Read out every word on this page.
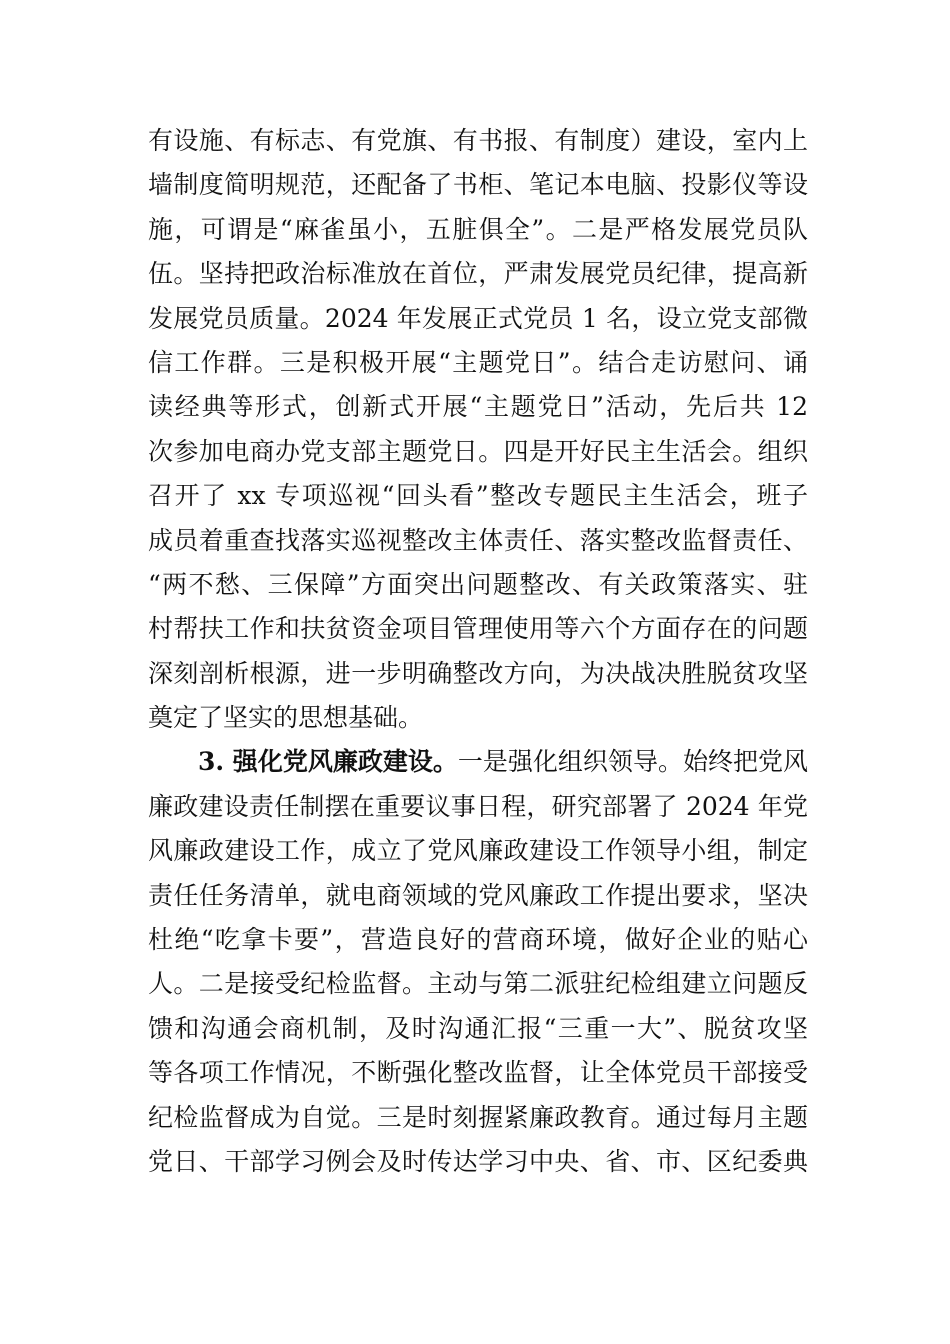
有设施、有标志、有党旗、有书报、有制度）建设，室内上
墙制度简明规范，还配备了书柜、笔记本电脑、投影仪等设
施，可谓是“麻雀虽小，五脏俱全”。二是严格发展党员队
伍。坚持把政治标准放在首位，严肃发展党员纪律，提高新
发展党员质量。2024 年发展正式党员 1 名，设立党支部微
信工作群。三是积极开展“主题党日”。结合走访慰问、诵
读经典等形式，创新式开展“主题党日”活动，先后共 12
次参加电商办党支部主题党日。四是开好民主生活会。组织
召开了 xx 专项巡视“回头看”整改专题民主生活会，班子
成员着重查找落实巡视整改主体责任、落实整改监督责任、
“两不愁、三保障”方面突出问题整改、有关政策落实、驻
村帮扶工作和扶贫资金项目管理使用等六个方面存在的问题
深刻剖析根源，进一步明确整改方向，为决战决胜脱贫攻坚
奠定了坚实的思想基础。
3. 强化党风廉政建设。一是强化组织领导。始终把党风
廉政建设责任制摆在重要议事日程，研究部署了 2024 年党
风廉政建设工作，成立了党风廉政建设工作领导小组，制定
责任任务清单，就电商领域的党风廉政工作提出要求，坚决
杜绝“吃拿卡要”，营造良好的营商环境，做好企业的贴心
人。二是接受纪检监督。主动与第二派驻纪检组建立问题反
馈和沟通会商机制，及时沟通汇报“三重一大”、脱贫攻坚
等各项工作情况，不断强化整改监督，让全体党员干部接受
纪检监督成为自觉。三是时刻握紧廉政教育。通过每月主题
党日、干部学习例会及时传达学习中央、省、市、区纪委典
